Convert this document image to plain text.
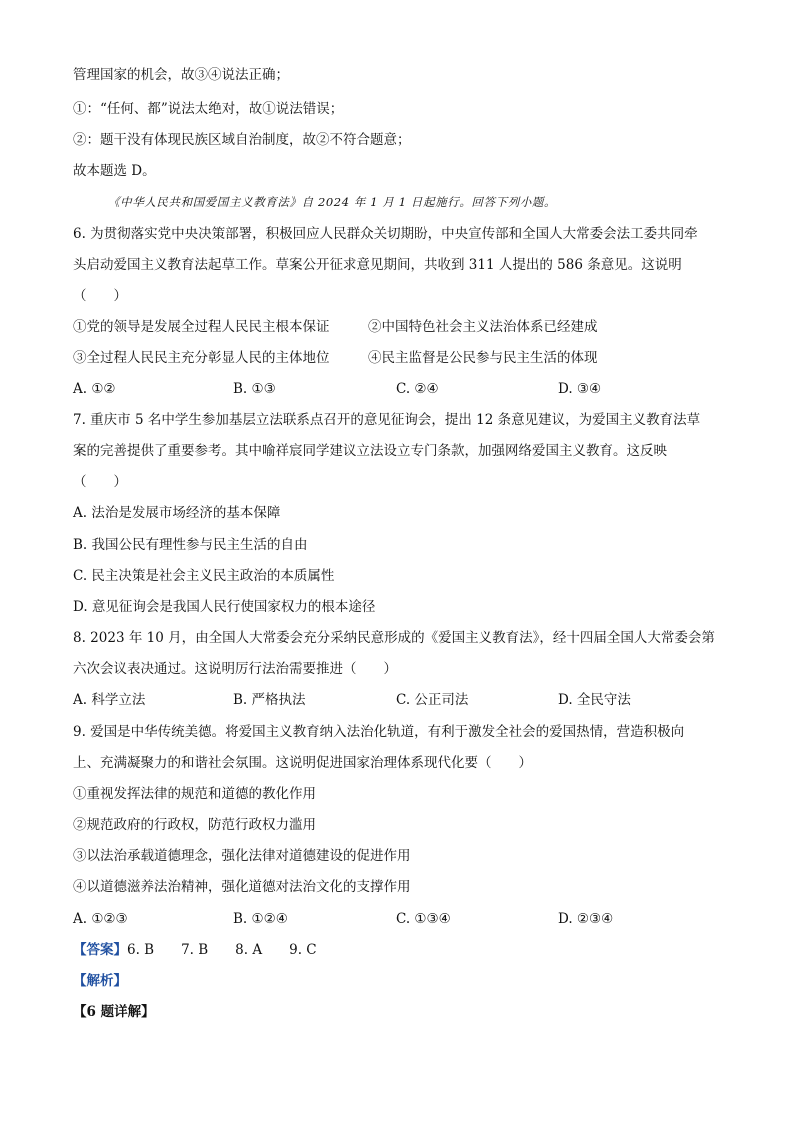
管理国家的机会，故③④说法正确；
①：“任何、都”说法太绝对，故①说法错误；
②：题干没有体现民族区域自治制度，故②不符合题意；
故本题选 D。
《中华人民共和国爱国主义教育法》自 2024 年 1 月 1 日起施行。回答下列小题。
6. 为贯彻落实党中央决策部署，积极回应人民群众关切期盼，中央宣传部和全国人大常委会法工委共同牵
头启动爱国主义教育法起草工作。草案公开征求意见期间，共收到 311 人提出的 586 条意见。这说明
（　　）
①党的领导是发展全过程人民民主根本保证	②中国特色社会主义法治体系已经建成
③全过程人民民主充分彰显人民的主体地位	④民主监督是公民参与民主生活的体现
A. ①②	B. ①③	C. ②④	D. ③④
7. 重庆市 5 名中学生参加基层立法联系点召开的意见征询会，提出 12 条意见建议，为爱国主义教育法草
案的完善提供了重要参考。其中喻祥宸同学建议立法设立专门条款，加强网络爱国主义教育。这反映
（　　）
A. 法治是发展市场经济的基本保障
B. 我国公民有理性参与民主生活的自由
C. 民主决策是社会主义民主政治的本质属性
D. 意见征询会是我国人民行使国家权力的根本途径
8. 2023 年 10 月，由全国人大常委会充分采纳民意形成的《爱国主义教育法》，经十四届全国人大常委会第
六次会议表决通过。这说明厉行法治需要推进（　　）
A. 科学立法	B. 严格执法	C. 公正司法	D. 全民守法
9. 爱国是中华传统美德。将爱国主义教育纳入法治化轨道，有利于激发全社会的爱国热情，营造积极向
上、充满凝聚力的和谐社会氛围。这说明促进国家治理体系现代化要（　　）
①重视发挥法律的规范和道德的教化作用
②规范政府的行政权，防范行政权力滥用
③以法治承载道德理念，强化法律对道德建设的促进作用
④以道德滋养法治精神，强化道德对法治文化的支撑作用
A. ①②③	B. ①②④	C. ①③④	D. ②③④
【答案】6. B　　7. B　　8. A　　9. C
【解析】
【6 题详解】
